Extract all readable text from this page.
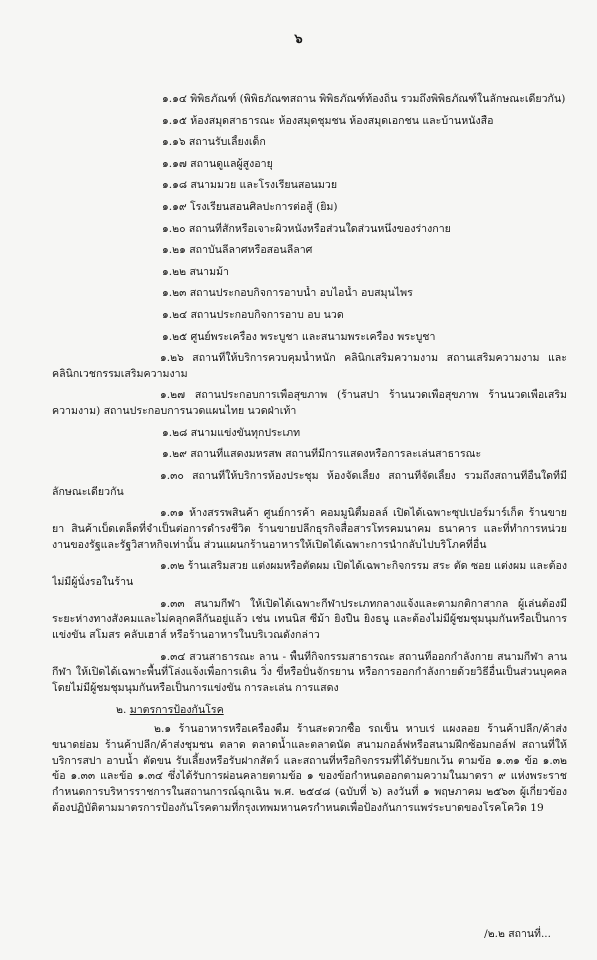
๖
๑.๑๔ พิพิธภัณฑ์ (พิพิธภัณฑสถาน พิพิธภัณฑ์ท้องถิ่น รวมถึงพิพิธภัณฑ์ในลักษณะเดียวกัน)
๑.๑๕ ห้องสมุดสาธารณะ ห้องสมุดชุมชน ห้องสมุดเอกชน และบ้านหนังสือ
๑.๑๖ สถานรับเลี้ยงเด็ก
๑.๑๗ สถานดูแลผู้สูงอายุ
๑.๑๘ สนามมวย และโรงเรียนสอนมวย
๑.๑๙ โรงเรียนสอนศิลปะการต่อสู้ (ยิม)
๑.๒๐ สถานที่สักหรือเจาะผิวหนังหรือส่วนใดส่วนหนึ่งของร่างกาย
๑.๒๑ สถาบันลีลาศหรือสอนลีลาศ
๑.๒๒ สนามม้า
๑.๒๓ สถานประกอบกิจการอาบน้ำ อบไอน้ำ อบสมุนไพร
๑.๒๔ สถานประกอบกิจการอาบ อบ นวด
๑.๒๕ ศูนย์พระเครื่อง พระบูชา และสนามพระเครื่อง พระบูชา
๑.๒๖ สถานที่ให้บริการควบคุมน้ำหนัก คลินิกเสริมความงาม สถานเสริมความงาม และคลินิกเวชกรรมเสริมความงาม
๑.๒๗ สถานประกอบการเพื่อสุขภาพ (ร้านสปา ร้านนวดเพื่อสุขภาพ ร้านนวดเพื่อเสริมความงาม) สถานประกอบการนวดแผนไทย นวดฝ่าเท้า
๑.๒๘ สนามแข่งขันทุกประเภท
๑.๒๙ สถานที่แสดงมหรสพ สถานที่มีการแสดงหรือการละเล่นสาธารณะ
๑.๓๐ สถานที่ให้บริการห้องประชุม ห้องจัดเลี้ยง สถานที่จัดเลี้ยง รวมถึงสถานที่อื่นใดที่มีลักษณะเดียวกัน
๑.๓๑ ห้างสรรพสินค้า ศูนย์การค้า คอมมูนิตี้มอลล์ เปิดได้เฉพาะซุปเปอร์มาร์เก็ต ร้านขายยา สินค้าเบ็ดเตล็ดที่จำเป็นต่อการดำรงชีวิต ร้านขายปลีกธุรกิจสื่อสารโทรคมนาคม ธนาคาร และที่ทำการหน่วยงานของรัฐและรัฐวิสาหกิจเท่านั้น ส่วนแผนกร้านอาหารให้เปิดได้เฉพาะการนำกลับไปบริโภคที่อื่น
๑.๓๒ ร้านเสริมสวย แต่งผมหรือตัดผม เปิดได้เฉพาะกิจกรรม สระ ตัด ซอย แต่งผม และต้องไม่มีผู้นั่งรอในร้าน
๑.๓๓ สนามกีฬา ให้เปิดได้เฉพาะกีฬาประเภทกลางแจ้งและตามกติกาสากล ผู้เล่นต้องมีระยะห่างทางสังคมและไม่คลุกคลีกันอยู่แล้ว เช่น เทนนิส ซีม้า ยิงปืน ยิงธนู และต้องไม่มีผู้ชมชุมนุมกันหรือเป็นการแข่งขัน สโมสร คลับเฮาส์ หรือร้านอาหารในบริเวณดังกล่าว
๑.๓๔ สวนสาธารณะ ลาน - พื้นที่กิจกรรมสาธารณะ สถานที่ออกกำลังกาย สนามกีฬา ลานกีฬา ให้เปิดได้เฉพาะพื้นที่โล่งแจ้งเพื่อการเดิน วิ่ง ขี่หรือปั่นจักรยาน หรือการออกกำลังกายด้วยวิธีอื่นเป็นส่วนบุคคล โดยไม่มีผู้ชมชุมนุมกันหรือเป็นการแข่งขัน การละเล่น การแสดง
๒. มาตรการป้องกันโรค
๒.๑ ร้านอาหารหรือเครื่องดื่ม ร้านสะดวกซื้อ รถเข็น หาบเร่ แผงลอย ร้านค้าปลีก/ค้าส่งขนาดย่อม ร้านค้าปลีก/ค้าส่งชุมชน ตลาด ตลาดน้ำและตลาดนัด สนามกอล์ฟหรือสนามฝึกซ้อมกอล์ฟ สถานที่ให้บริการสปา อาบน้ำ ตัดขน รับเลี้ยงหรือรับฝากสัตว์ และสถานที่หรือกิจกรรมที่ได้รับยกเว้น ตามข้อ ๑.๓๑ ข้อ ๑.๓๒ ข้อ ๑.๓๓ และข้อ ๑.๓๔ ซึ่งได้รับการผ่อนคลายตามข้อ ๑ ของข้อกำหนดออกตามความในมาตรา ๙ แห่งพระราชกำหนดการบริหารราชการในสถานการณ์ฉุกเฉิน พ.ศ. ๒๕๔๘ (ฉบับที่ ๖) ลงวันที่ ๑ พฤษภาคม ๒๕๖๓ ผู้เกี่ยวข้องต้องปฏิบัติตามมาตรการป้องกันโรคตามที่กรุงเทพมหานครกำหนดเพื่อป้องกันการแพร่ระบาดของโรคโควิด 19
/๒.๒ สถานที่...
